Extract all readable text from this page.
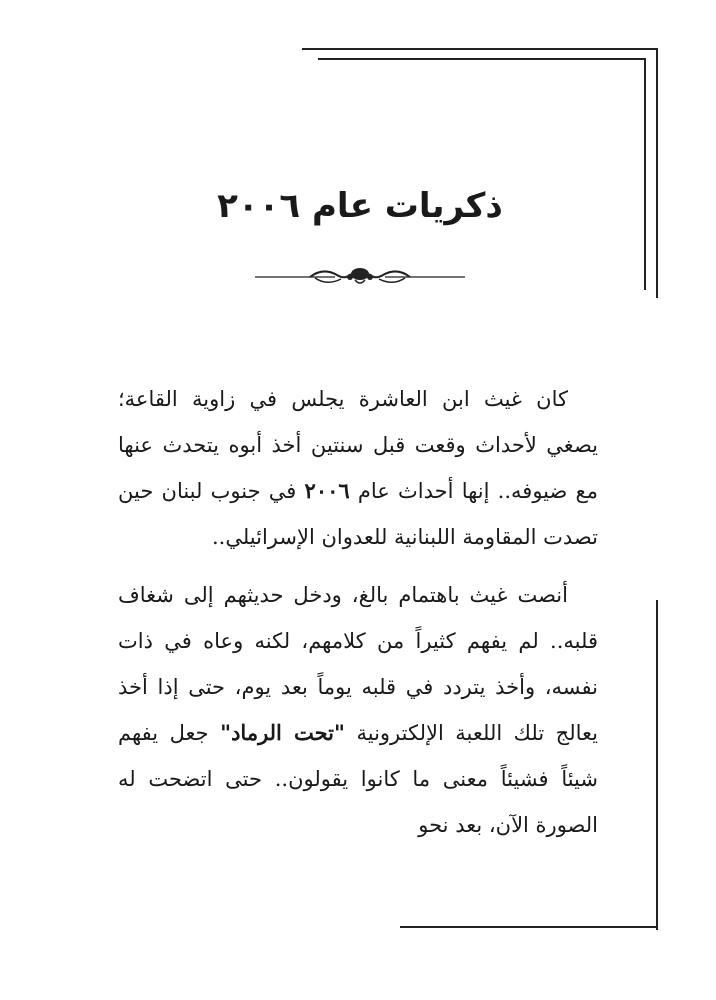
ذكريات عام ٢٠٠٦

كان غيث ابن العاشرة يجلس في زاوية القاعة؛ يصغي لأحداث وقعت قبل سنتين أخذ أبوه يتحدث عنها مع ضيوفه.. إنها أحداث عام ٢٠٠٦ في جنوب لبنان حين تصدت المقاومة اللبنانية للعدوان الإسرائيلي..

أنصت غيث باهتمام بالغ، ودخل حديثهم إلى شغاف قلبه.. لم يفهم كثيراً من كلامهم، لكنه وعاه في ذات نفسه، وأخذ يتردد في قلبه يوماً بعد يوم، حتى إذا أخذ يعالج تلك اللعبة الإلكترونية "تحت الرماد" جعل يفهم شيئاً فشيئاً معنى ما كانوا يقولون.. حتى اتضحت له الصورة الآن، بعد نحو
